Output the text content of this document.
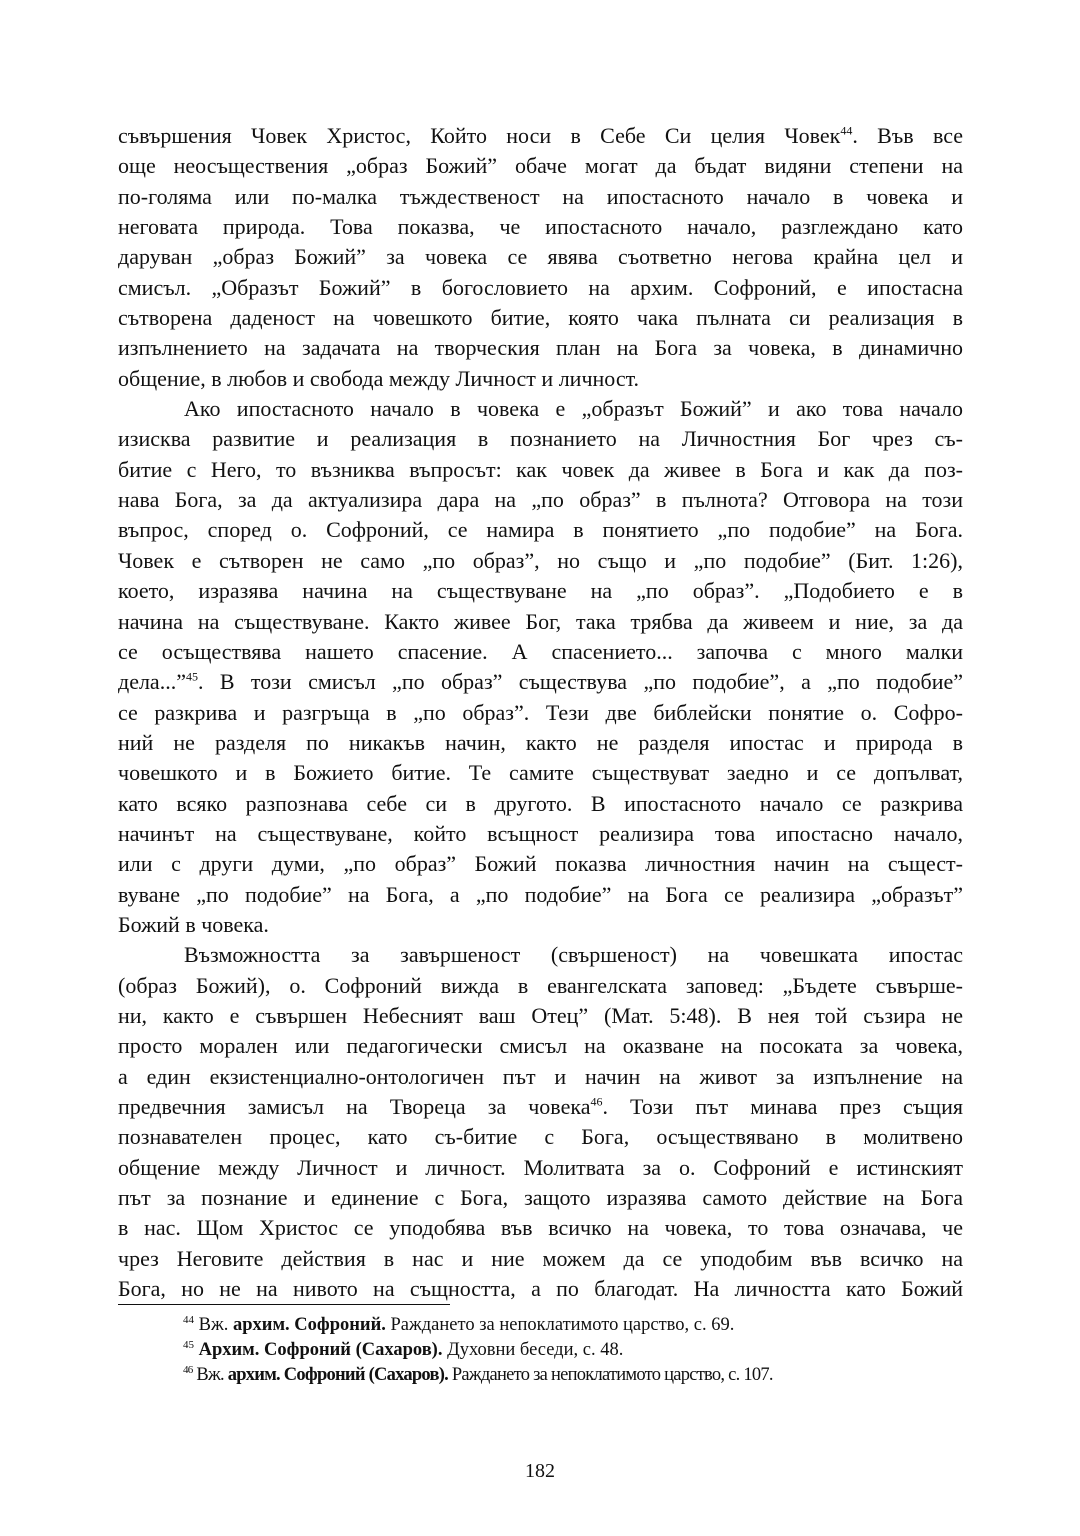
съвършения Човек Христос, Който носи в Себе Си целия Човек$^{44}$. Във все
още неосъществения „образ Божий” обаче могат да бъдат видяни степени на
по-голяма или по-малка тъждественост на ипостасното начало в човека и
неговата природа. Това показва, че ипостасното начало, разглеждано като
даруван „образ Божий” за човека се явява съответно негова крайна цел и
смисъл. „Образът Божий” в богословието на архим. Софроний, е ипостасна
сътворена даденост на човешкото битие, която чака пълната си реализация в
изпълнението на задачата на творческия план на Бога за човека, в динамично
общение, в любов и свобода между Личност и личност.
Ако ипостасното начало в човека е „образът Божий” и ако това начало
изисква развитие и реализация в познанието на Личностния Бог чрез съ-
битие с Него, то възниква въпросът: как човек да живее в Бога и как да поз-
нава Бога, за да актуализира дара на „по образ” в пълнота? Отговора на този
въпрос, според о. Софроний, се намира в понятието „по подобие” на Бога.
Човек е сътворен не само „по образ”, но също и „по подобие” (Бит. 1:26),
което, изразява начина на съществуване на „по образ”. „Подобието е в
начина на съществуване. Както живее Бог, така трябва да живеем и ние, за да
се осъществява нашето спасение. А спасението... започва с много малки
дела...”$^{45}$. В този смисъл „по образ” съществува „по подобие”, а „по подобие”
се разкрива и разгръща в „по образ”. Тези две библейски понятие о. Софро-
ний не разделя по никакъв начин, както не разделя ипостас и природа в
човешкото и в Божието битие. Те самите съществуват заедно и се допълват,
като всяко разпознава себе си в другото. В ипостасното начало се разкрива
начинът на съществуване, който всъщност реализира това ипостасно начало,
или с други думи, „по образ” Божий показва личностния начин на същест-
вуване „по подобие” на Бога, а „по подобие” на Бога се реализира „образът”
Божий в човека.
Възможността за завършеност (свършеност) на човешката ипостас
(образ Божий), о. Софроний вижда в евангелската заповед: „Бъдете съвърше-
ни, както е съвършен Небесният ваш Отец” (Мат. 5:48). В нея той съзира не
просто морален или педагогически смисъл на оказване на посоката за човека,
а един екзистенциално-онтологичен път и начин на живот за изпълнение на
предвечния замисъл на Твореца за човека$^{46}$. Този път минава през същия
познавателен процес, като съ-битие с Бога, осъществявано в молитвено
общение между Личност и личност. Молитвата за о. Софроний е истинският
път за познание и единение с Бога, защото изразява самото действие на Бога
в нас. Щом Христос се уподобява във всичко на човека, то това означава, че
чрез Неговите действия в нас и ние можем да се уподобим във всичко на
Бога, но не на нивото на същността, а по благодат. На личността като Божий
$^{44}$ Вж. архим. Софроний. Раждането за непоклатимото царство, с. 69.
$^{45}$ Архим. Софроний (Сахаров). Духовни беседи, с. 48.
$^{46}$ Вж. архим. Софроний (Сахаров). Раждането за непоклатимото царство, с. 107.
182
